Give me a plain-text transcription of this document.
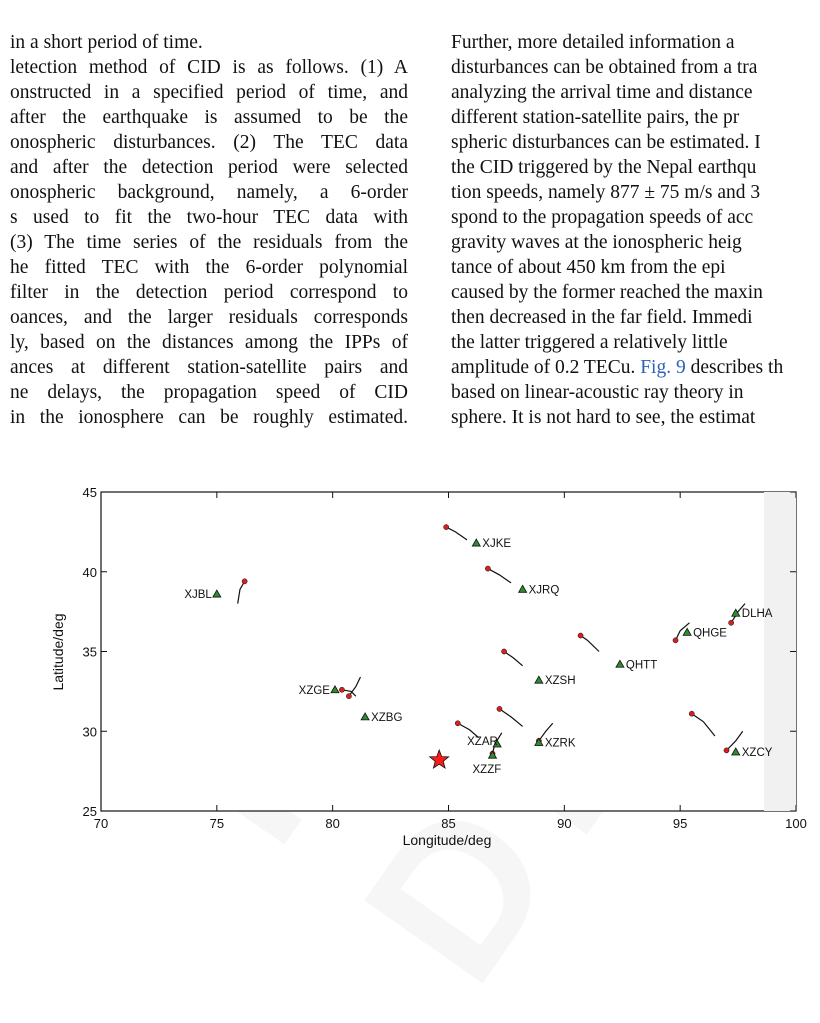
in a short period of time.
letection method of CID is as follows. (1) A
onstructed in a specified period of time, and
after the earthquake is assumed to be the
onospheric disturbances. (2) The TEC data
and after the detection period were selected
onospheric background, namely, a 6-order
s used to fit the two-hour TEC data with
(3) The time series of the residuals from the
he fitted TEC with the 6-order polynomial
filter in the detection period correspond to
oances, and the larger residuals corresponds
ly, based on the distances among the IPPs of
ances at different station-satellite pairs and
ne delays, the propagation speed of CID
in the ionosphere can be roughly estimated.
Further, more detailed information a
disturbances can be obtained from a tra
analyzing the arrival time and distance
different station-satellite pairs, the pr
spheric disturbances can be estimated. I
the CID triggered by the Nepal earthqu
tion speeds, namely 877 ± 75 m/s and 3
spond to the propagation speeds of acc
gravity waves at the ionospheric heig
tance of about 450 km from the epi
caused by the former reached the maxin
then decreased in the far field. Immedi
the latter triggered a relatively little
amplitude of 0.2 TECu. Fig. 9 describes th
based on linear-acoustic ray theory in
sphere. It is not hard to see, the estimat
70	75	80	85	90	95	100
25
30
35
40
45
XJKE
XJRQ
XJBL
DLHA
QHGE
QHTT
XZSH
XZGE
XZBG
XZAR	XZRK
XZZF
XZCY
Longitude/deg
Latitude/deg
